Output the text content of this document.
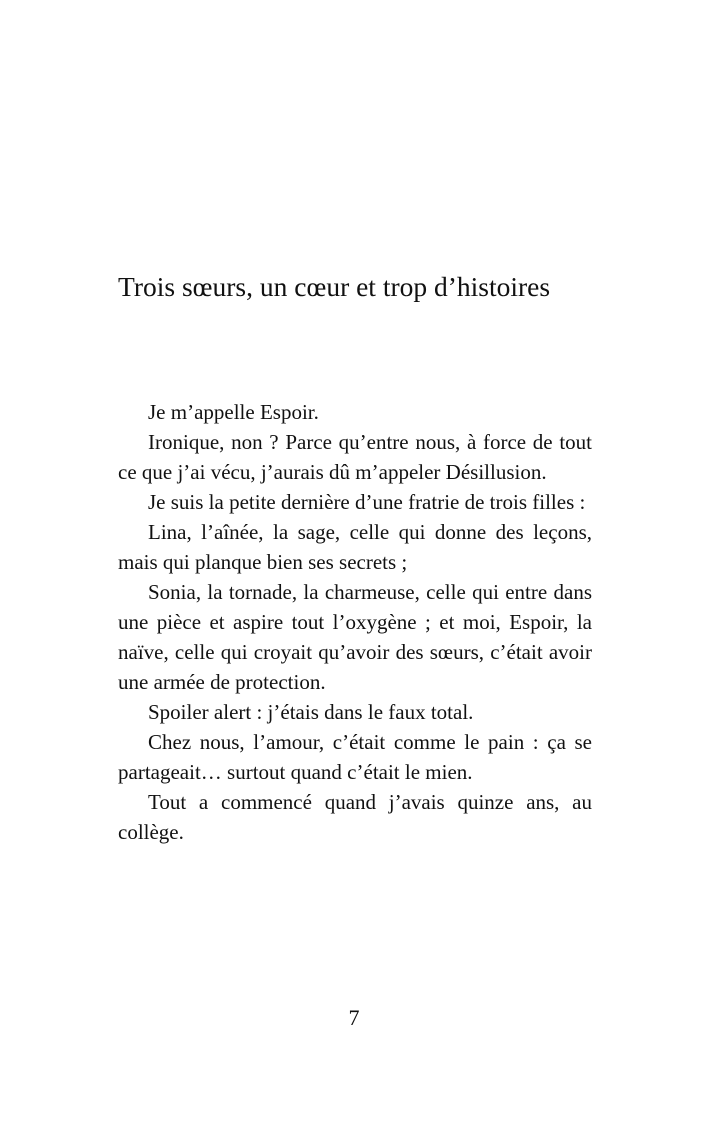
Trois sœurs, un cœur et trop d’histoires

Je m’appelle Espoir.

Ironique, non ? Parce qu’entre nous, à force de tout ce que j’ai vécu, j’aurais dû m’appeler Désillusion.

Je suis la petite dernière d’une fratrie de trois filles :

Lina, l’aînée, la sage, celle qui donne des leçons, mais qui planque bien ses secrets ;

Sonia, la tornade, la charmeuse, celle qui entre dans une pièce et aspire tout l’oxygène ; et moi, Espoir, la naïve, celle qui croyait qu’avoir des sœurs, c’était avoir une armée de protection.

Spoiler alert : j’étais dans le faux total.

Chez nous, l’amour, c’était comme le pain : ça se partageait… surtout quand c’était le mien.

Tout a commencé quand j’avais quinze ans, au collège.

7
